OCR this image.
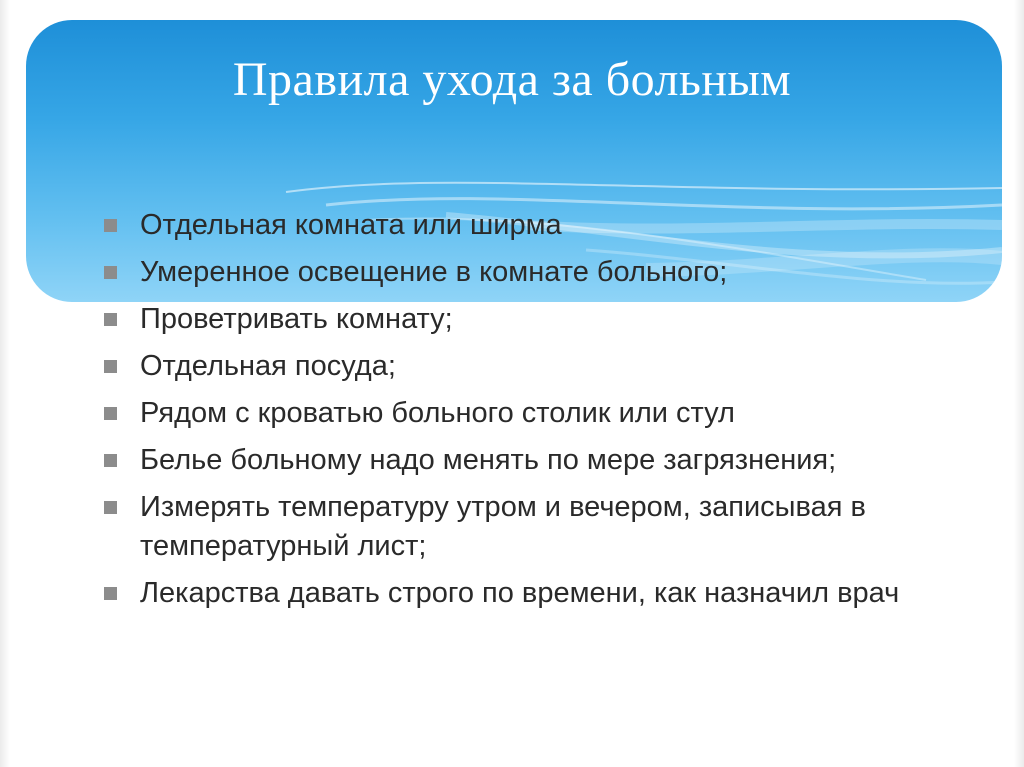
Правила ухода за больным
Отдельная комната или ширма
Умеренное освещение в комнате больного;
Проветривать комнату;
Отдельная посуда;
Рядом с кроватью больного столик или стул
Белье больному надо менять по мере загрязнения;
Измерять температуру утром и вечером, записывая в температурный лист;
Лекарства давать строго по времени, как назначил врач
